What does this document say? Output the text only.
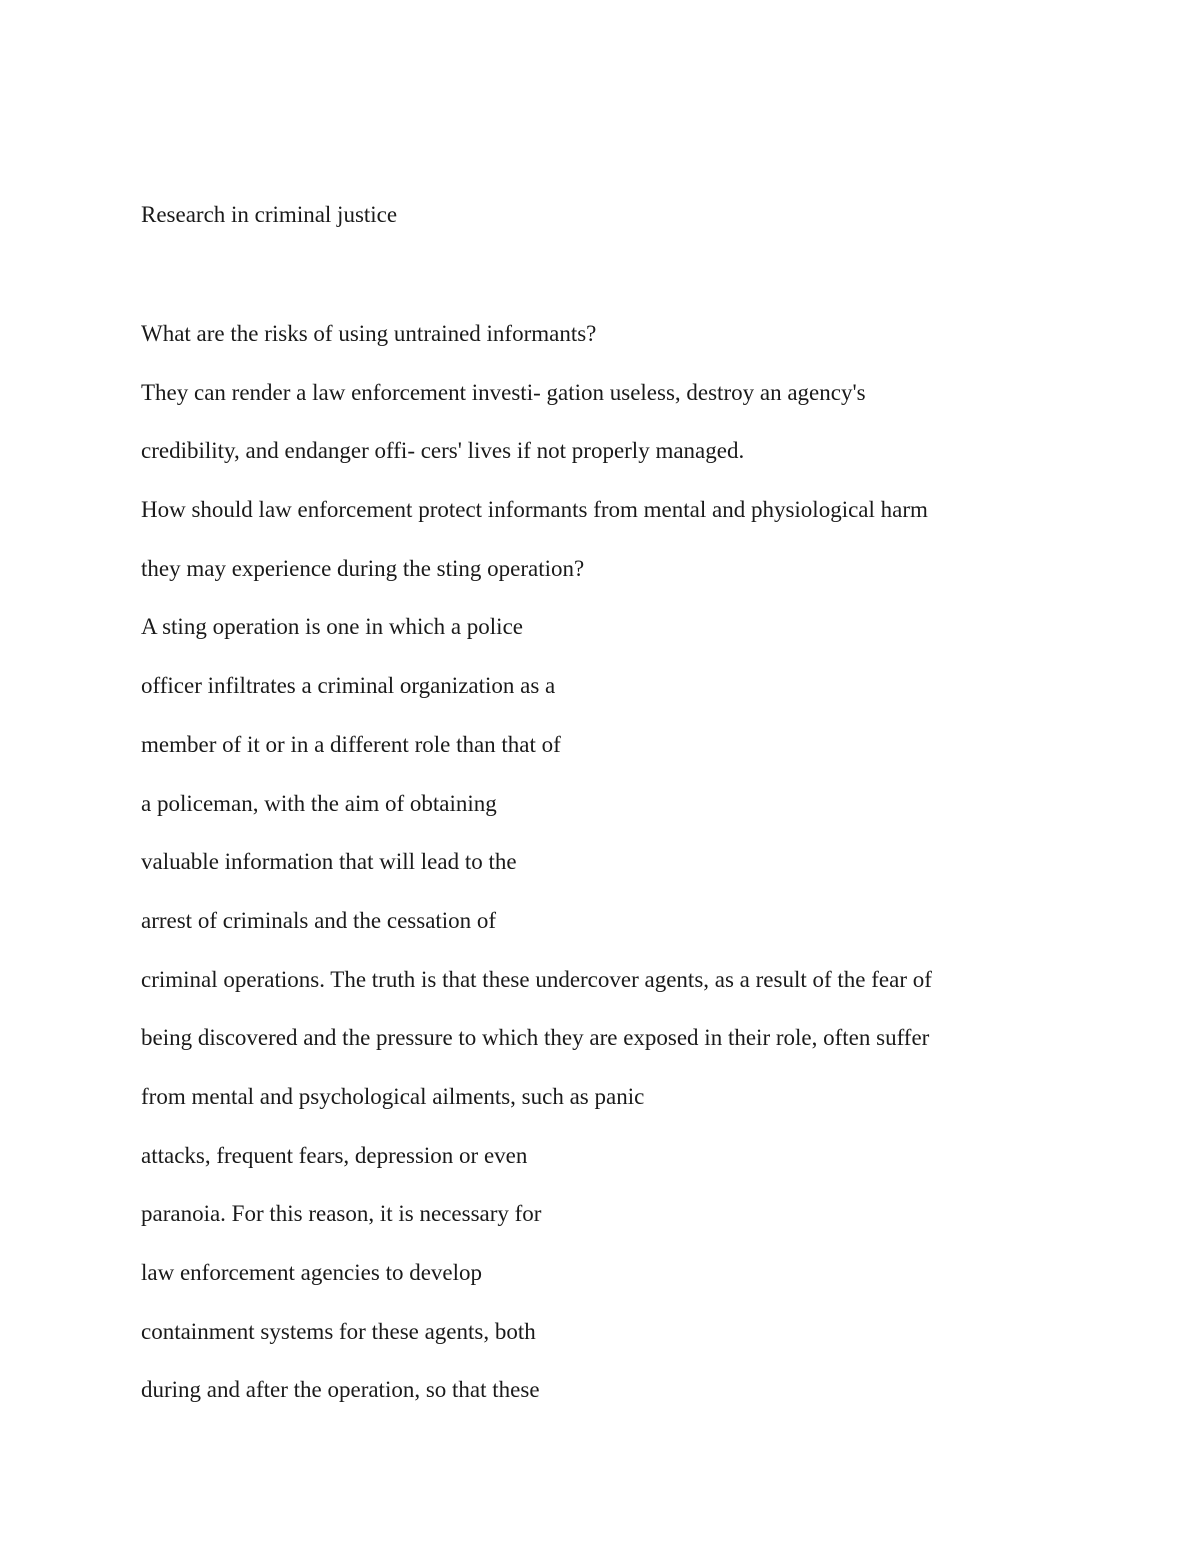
Research in criminal justice
What are the risks of using untrained informants?
They can render a law enforcement investi- gation useless, destroy an agency's
credibility, and endanger offi- cers' lives if not properly managed.
How should law enforcement protect informants from mental and physiological harm
they may experience during the sting operation?
A sting operation is one in which a police
officer infiltrates a criminal organization as a
member of it or in a different role than that of
a policeman, with the aim of obtaining
valuable information that will lead to the
arrest of criminals and the cessation of
criminal operations. The truth is that these undercover agents, as a result of the fear of
being discovered and the pressure to which they are exposed in their role, often suffer
from mental and psychological ailments, such as panic
attacks, frequent fears, depression or even
paranoia. For this reason, it is necessary for
law enforcement agencies to develop
containment systems for these agents, both
during and after the operation, so that these
